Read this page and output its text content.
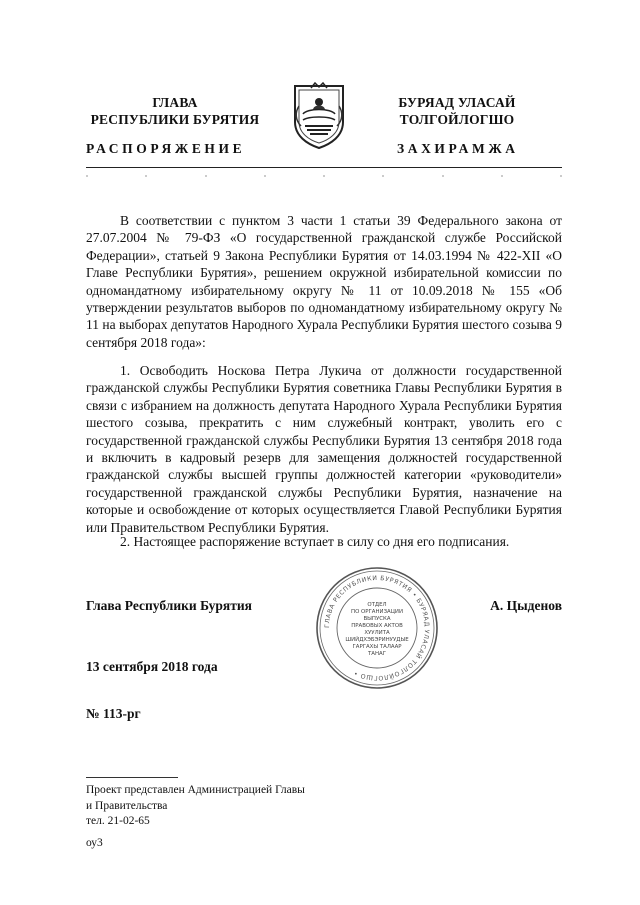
ГЛАВА
РЕСПУБЛИКИ БУРЯТИЯ
БУРЯАД УЛАСАЙ
ТОЛГОЙЛОГШО
РАСПОРЯЖЕНИЕ	ЗАХИРАМЖА

В соответствии с пунктом 3 части 1 статьи 39 Федерального закона от 27.07.2004 № 79-ФЗ «О государственной гражданской службе Российской Федерации», статьей 9 Закона Республики Бурятия от 14.03.1994 № 422-XII «О Главе Республики Бурятия», решением окружной избирательной комиссии по одномандатному избирательному округу № 11 от 10.09.2018 № 155 «Об утверждении результатов выборов по одномандатному избирательному округу № 11 на выборах депутатов Народного Хурала Республики Бурятия шестого созыва 9 сентября 2018 года»:

1. Освободить Носкова Петра Лукича от должности государственной гражданской службы Республики Бурятия советника Главы Республики Бурятия в связи с избранием на должность депутата Народного Хурала Республики Бурятия шестого созыва, прекратить с ним служебный контракт, уволить его с государственной гражданской службы Республики Бурятия 13 сентября 2018 года и включить в кадровый резерв для замещения должностей государственной гражданской службы высшей группы должностей категории «руководители» государственной гражданской службы Республики Бурятия, назначение на которые и освобождение от которых осуществляется Главой Республики Бурятия или Правительством Республики Бурятия.

2. Настоящее распоряжение вступает в силу со дня его подписания.

Глава Республики Бурятия
ГЛАВА РЕСПУБЛИКИ БУРЯТИЯ • БУРЯАД УЛАСАЙ ТОЛГОЙЛОГШО •
ОТДЕЛ
ПО ОРГАНИЗАЦИИ
ВЫПУСКА
ПРАВОВЫХ АКТОВ
ХУУЛИТА
ШИЙДХЭБЭРИНУУДЫЕ
ГАРГАХЫ ТАЛААР
ТАНАГ
А. Цыденов
13 сентября 2018 года
№ 113-рг
Проект представлен Администрацией Главы
и Правительства
тел. 21-02-65
оу3
